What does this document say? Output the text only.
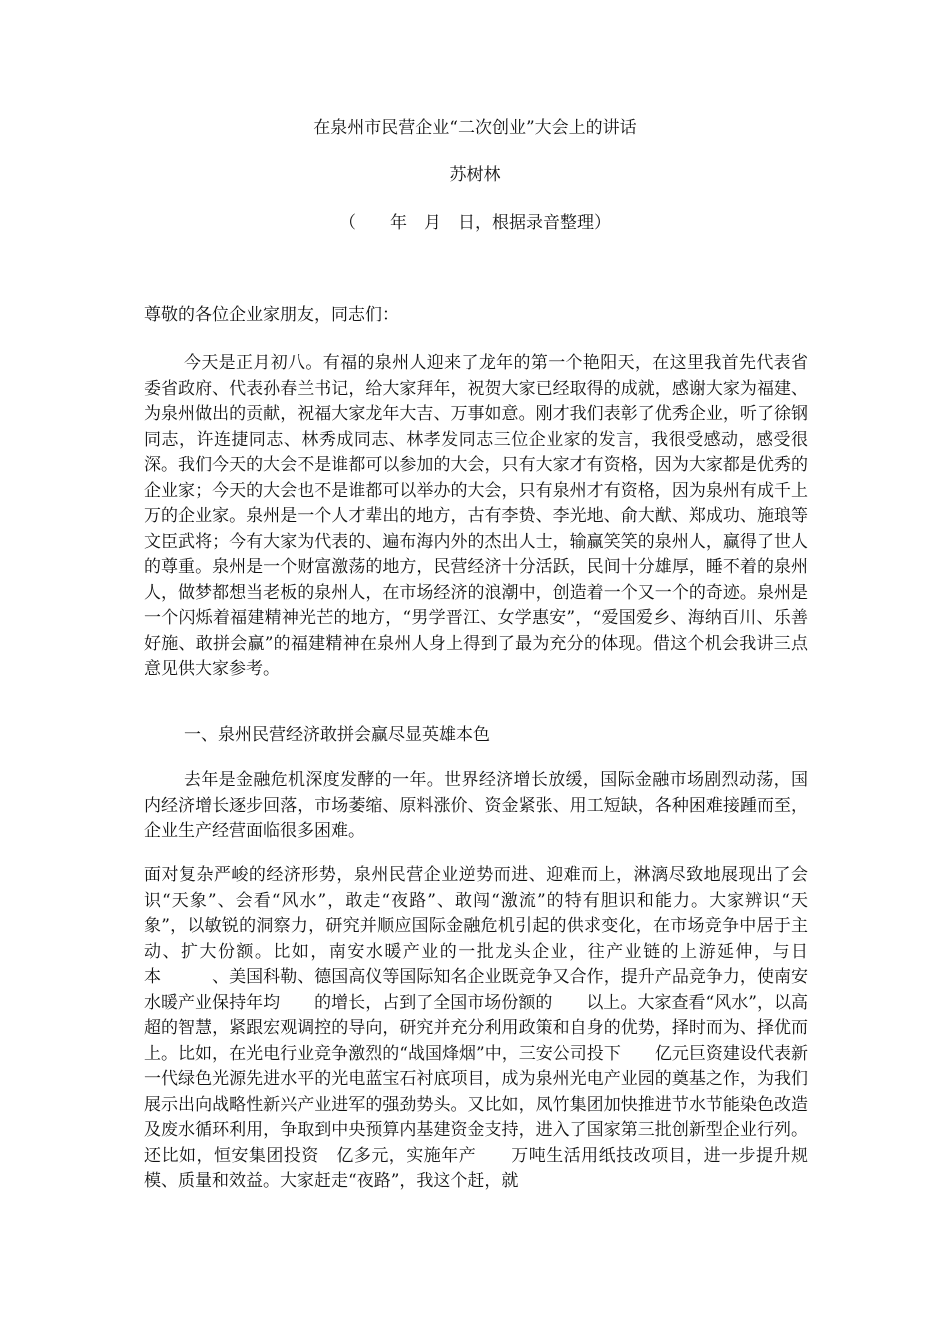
在泉州市民营企业“二次创业”大会上的讲话
苏树林
（　　年　月　日，根据录音整理）

尊敬的各位企业家朋友，同志们：

今天是正月初八。有福的泉州人迎来了龙年的第一个艳阳天，在这里我首先代表省委省政府、代表孙春兰书记，给大家拜年，祝贺大家已经取得的成就，感谢大家为福建、为泉州做出的贡献，祝福大家龙年大吉、万事如意。刚才我们表彰了优秀企业，听了徐钢同志，许连捷同志、林秀成同志、林孝发同志三位企业家的发言，我很受感动，感受很深。我们今天的大会不是谁都可以参加的大会，只有大家才有资格，因为大家都是优秀的企业家；今天的大会也不是谁都可以举办的大会，只有泉州才有资格，因为泉州有成千上万的企业家。泉州是一个人才辈出的地方，古有李贽、李光地、俞大猷、郑成功、施琅等文臣武将；今有大家为代表的、遍布海内外的杰出人士，输赢笑笑的泉州人，赢得了世人的尊重。泉州是一个财富激荡的地方，民营经济十分活跃，民间十分雄厚，睡不着的泉州人，做梦都想当老板的泉州人，在市场经济的浪潮中，创造着一个又一个的奇迹。泉州是一个闪烁着福建精神光芒的地方，“男学晋江、女学惠安”，“爱国爱乡、海纳百川、乐善好施、敢拼会赢”的福建精神在泉州人身上得到了最为充分的体现。借这个机会我讲三点意见供大家参考。

一、泉州民营经济敢拼会赢尽显英雄本色

去年是金融危机深度发酵的一年。世界经济增长放缓，国际金融市场剧烈动荡，国内经济增长逐步回落，市场萎缩、原料涨价、资金紧张、用工短缺，各种困难接踵而至，企业生产经营面临很多困难。

面对复杂严峻的经济形势，泉州民营企业逆势而进、迎难而上，淋漓尽致地展现出了会识“天象”、会看“风水”，敢走“夜路”、敢闯“激流”的特有胆识和能力。大家辨识“天象”，以敏锐的洞察力，研究并顺应国际金融危机引起的供求变化，在市场竞争中居于主动、扩大份额。比如，南安水暖产业的一批龙头企业，往产业链的上游延伸，与日本　　　、美国科勒、德国高仪等国际知名企业既竞争又合作，提升产品竞争力，使南安水暖产业保持年均　　的增长，占到了全国市场份额的　　以上。大家查看“风水”，以高超的智慧，紧跟宏观调控的导向，研究并充分利用政策和自身的优势，择时而为、择优而上。比如，在光电行业竞争激烈的“战国烽烟”中，三安公司投下　　亿元巨资建设代表新一代绿色光源先进水平的光电蓝宝石衬底项目，成为泉州光电产业园的奠基之作，为我们展示出向战略性新兴产业进军的强劲势头。又比如，凤竹集团加快推进节水节能染色改造及废水循环利用，争取到中央预算内基建资金支持，进入了国家第三批创新型企业行列。还比如，恒安集团投资　亿多元，实施年产　　万吨生活用纸技改项目，进一步提升规模、质量和效益。大家赶走“夜路”，我这个赶，就
